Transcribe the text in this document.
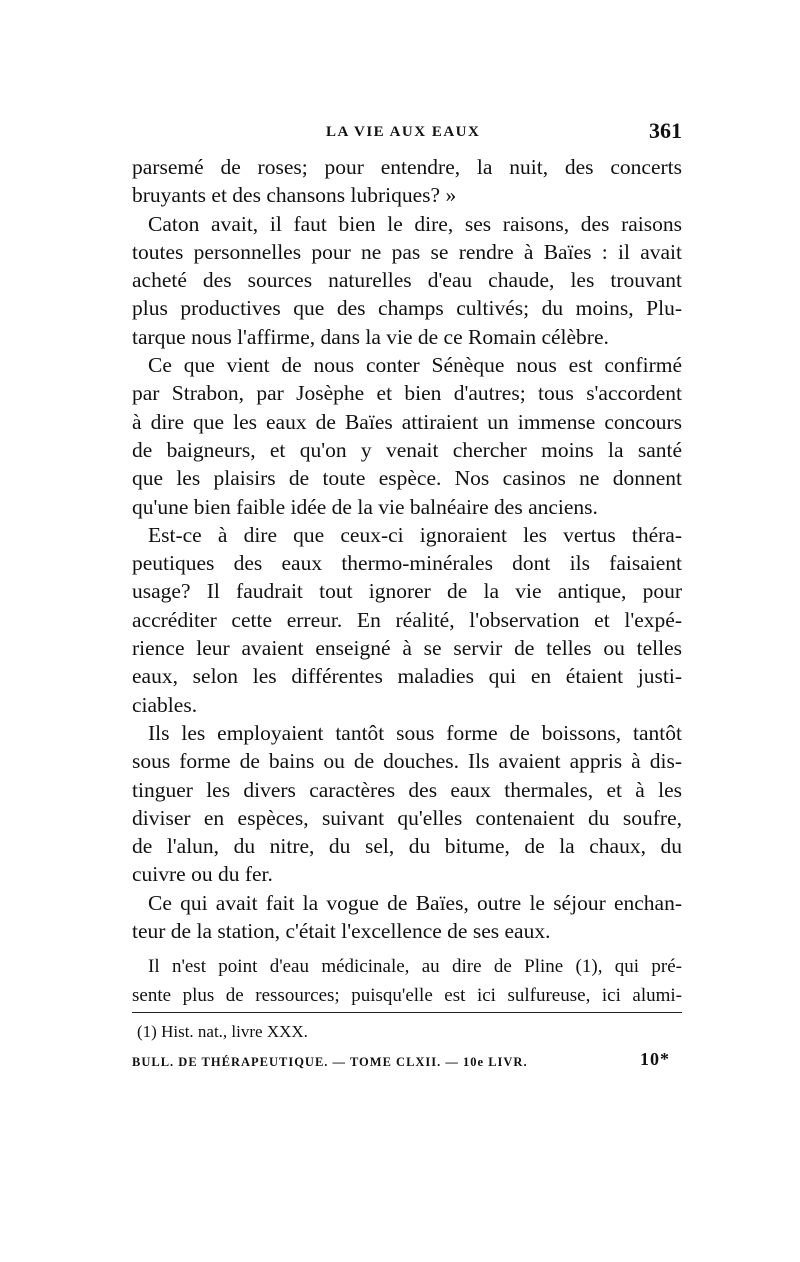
LA VIE AUX EAUX	361
parsemé de roses; pour entendre, la nuit, des concerts
bruyants et des chansons lubriques? »
Caton avait, il faut bien le dire, ses raisons, des raisons
toutes personnelles pour ne pas se rendre à Baïes : il avait
acheté des sources naturelles d'eau chaude, les trouvant
plus productives que des champs cultivés; du moins, Plu-
tarque nous l'affirme, dans la vie de ce Romain célèbre.
Ce que vient de nous conter Sénèque nous est confirmé
par Strabon, par Josèphe et bien d'autres; tous s'accordent
à dire que les eaux de Baïes attiraient un immense concours
de baigneurs, et qu'on y venait chercher moins la santé
que les plaisirs de toute espèce. Nos casinos ne donnent
qu'une bien faible idée de la vie balnéaire des anciens.
Est-ce à dire que ceux-ci ignoraient les vertus théra-
peutiques des eaux thermo-minérales dont ils faisaient
usage? Il faudrait tout ignorer de la vie antique, pour
accréditer cette erreur. En réalité, l'observation et l'expé-
rience leur avaient enseigné à se servir de telles ou telles
eaux, selon les différentes maladies qui en étaient justi-
ciables.
Ils les employaient tantôt sous forme de boissons, tantôt
sous forme de bains ou de douches. Ils avaient appris à dis-
tinguer les divers caractères des eaux thermales, et à les
diviser en espèces, suivant qu'elles contenaient du soufre,
de l'alun, du nitre, du sel, du bitume, de la chaux, du
cuivre ou du fer.
Ce qui avait fait la vogue de Baïes, outre le séjour enchan-
teur de la station, c'était l'excellence de ses eaux.
Il n'est point d'eau médicinale, au dire de Pline (1), qui pré-
sente plus de ressources; puisqu'elle est ici sulfureuse, ici alumi-
(1) Hist. nat., livre XXX.
BULL. DE THÉRAPEUTIQUE. — TOME CLXII. — 10e LIVR.	10*
